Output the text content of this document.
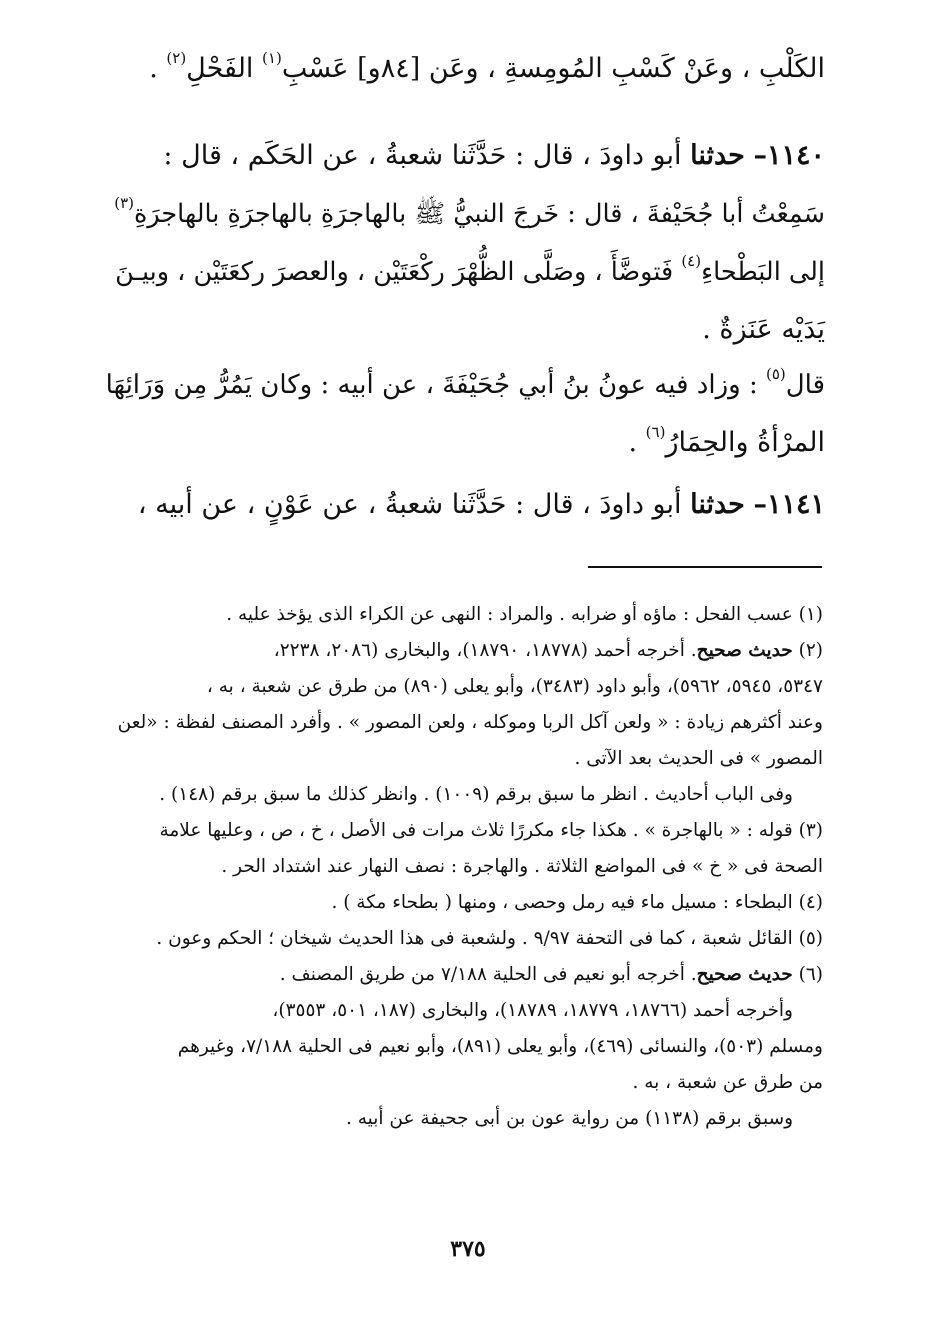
الكَلْبِ ، وعَنْ كَسْبِ المُومِسةِ ، وعَن [٨٤و] عَسْبِ$^{(١)}$ الفَحْلِ$^{(٢)}$ .
١١٤٠– حدثنا أبو داودَ ، قال : حَدَّثَنا شعبةُ ، عن الحَكَم ، قال :
سَمِعْتُ أبا جُحَيْفةَ ، قال : خَرجَ النبيُّ ﷺ بالهاجرَةِ بالهاجرَةِ بالهاجرَةِ$^{(٣)}$
إلى البَطْحاءِ$^{(٤)}$ فَتوضَّأَ ، وصَلَّى الظُّهْرَ ركْعَتَيْن ، والعصرَ ركعَتَيْن ، وبيـنَ
يَدَيْه عَنَزةٌ .
قال$^{(٥)}$ : وزاد فيه عونُ بنُ أبي جُحَيْفَةَ ، عن أبيه : وكان يَمُرُّ مِن وَرَائِهَا
المرْأةُ والحِمَارُ$^{(٦)}$ .
١١٤١– حدثنا أبو داودَ ، قال : حَدَّثَنا شعبةُ ، عن عَوْنٍ ، عن أبيه ،
(١) عسب الفحل : ماؤه أو ضرابه . والمراد : النهى عن الكراء الذى يؤخذ عليه .
(٢) حديث صحيح. أخرجه أحمد (١٨٧٧٨، ١٨٧٩٠)، والبخارى (٢٠٨٦، ٢٢٣٨،
٥٣٤٧، ٥٩٤٥، ٥٩٦٢)، وأبو داود (٣٤٨٣)، وأبو يعلى (٨٩٠) من طرق عن شعبة ، به ،
وعند أكثرهم زيادة : « ولعن آكل الربا وموكله ، ولعن المصور » . وأفرد المصنف لفظة : «لعن
المصور » فى الحديث بعد الآتى .
وفى الباب أحاديث . انظر ما سبق برقم (١٠٠٩) . وانظر كذلك ما سبق برقم (١٤٨) .
(٣) قوله : « بالهاجرة » . هكذا جاء مكررًا ثلاث مرات فى الأصل ، خ ، ص ، وعليها علامة
الصحة فى « خ » فى المواضع الثلاثة . والهاجرة : نصف النهار عند اشتداد الحر .
(٤) البطحاء : مسيل ماء فيه رمل وحصى ، ومنها ( بطحاء مكة ) .
(٥) القائل شعبة ، كما فى التحفة ٩/٩٧ . ولشعبة فى هذا الحديث شيخان ؛ الحكم وعون .
(٦) حديث صحيح. أخرجه أبو نعيم فى الحلية ٧/١٨٨ من طريق المصنف .
وأخرجه أحمد (١٨٧٦٦، ١٨٧٧٩، ١٨٧٨٩)، والبخارى (١٨٧، ٥٠١، ٣٥٥٣)،
ومسلم (٥٠٣)، والنسائى (٤٦٩)، وأبو يعلى (٨٩١)، وأبو نعيم فى الحلية ٧/١٨٨، وغيرهم
من طرق عن شعبة ، به .
وسبق برقم (١١٣٨) من رواية عون بن أبى جحيفة عن أبيه .
٣٧٥
